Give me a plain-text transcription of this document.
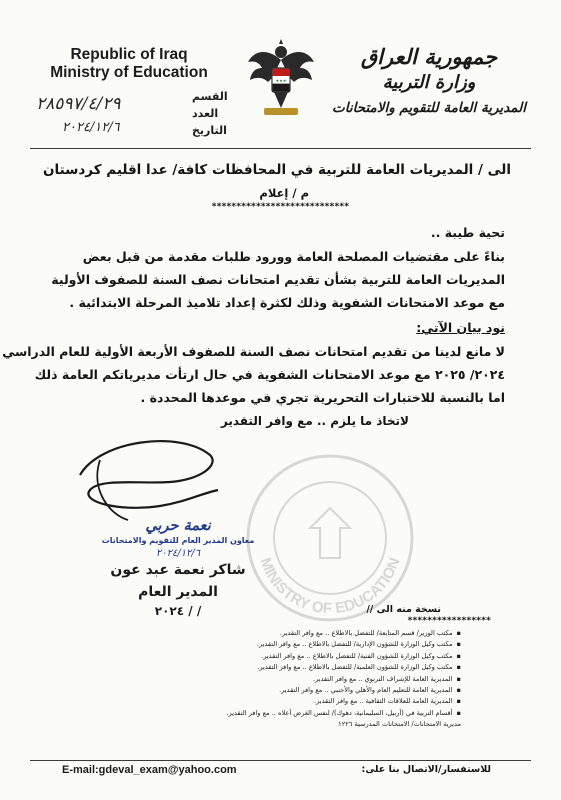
Republic of Iraq
Ministry of Education	★★★
جمهورية العراق
وزارة التربية
المديرية العامة للتقويم والامتحانات
القسم
العدد
التاريخ
٢٨٥٩٧/٤/٢٩
٢٠٢٤/١٢/٦
الى / المديريات العامة للتربية في المحافظات كافة/ عدا اقليم كردستان
م / إعلام
****************************
تحية طيبة ..
بناءً على مقتضيات المصلحة العامة وورود طلبات مقدمة من قبل بعض
المديريات العامة للتربية بشأن تقديم امتحانات نصف السنة للصفوف الأولية
مع موعد الامتحانات الشفوية وذلك لكثرة إعداد تلاميذ المرحلة الابتدائية .
نود بيان الآتي:
لا مانع لدينا من تقديم امتحانات نصف السنة للصفوف الأربعة الأولية للعام الدراسي
٢٠٢٤/ ٢٠٢٥ مع موعد الامتحانات الشفوية في حال ارتأت مديرياتكم العامة ذلك
اما بالنسبة للاختبارات التحريرية تجري في موعدها المحددة .
لاتخاذ ما يلزم .. مع وافر التقدير
MINISTRY OF EDUCATION
نعمة حربي
معاون المدير العام للتقويم والامتحانات
٢٠٢٤/١٢/٦
شاكر نعمة عبد عون
المدير العام
/ / ٢٠٢٤	نسخة منه الى //
*****************
▪ مكتب الوزير/ قسم المتابعة/ للتفضل بالاطلاع .. مع وافر التقدير.
▪ مكتب وكيل الوزارة للشؤون الإدارية/ للتفضل بالاطلاع .. مع وافر التقدير.
▪ مكتب وكيل الوزارة للشؤون الفنية/ للتفضل بالاطلاع .. مع وافر التقدير.
▪ مكتب وكيل الوزارة للشؤون العلمية/ للتفضل بالاطلاع .. مع وافر التقدير.
▪ المديرية العامة للإشراف التربوي .. مع وافر التقدير.
▪ المديرية العامة للتعليم العام والأهلي والأجنبي .. مع وافر التقدير.
▪ المديرية العامة للعلاقات الثقافية .. مع وافر التقدير.
▪ أقسام التربية في (أربيل، السليمانية، دهوك)/ لنفس الغرض أعلاه .. مع وافر التقدير.
مديرية الامتحانات/ الامتحانات المدرسية ١٢٢٦
E-mail:gdeval_exam@yahoo.com	للاستفسار/الاتصال بنا على:
